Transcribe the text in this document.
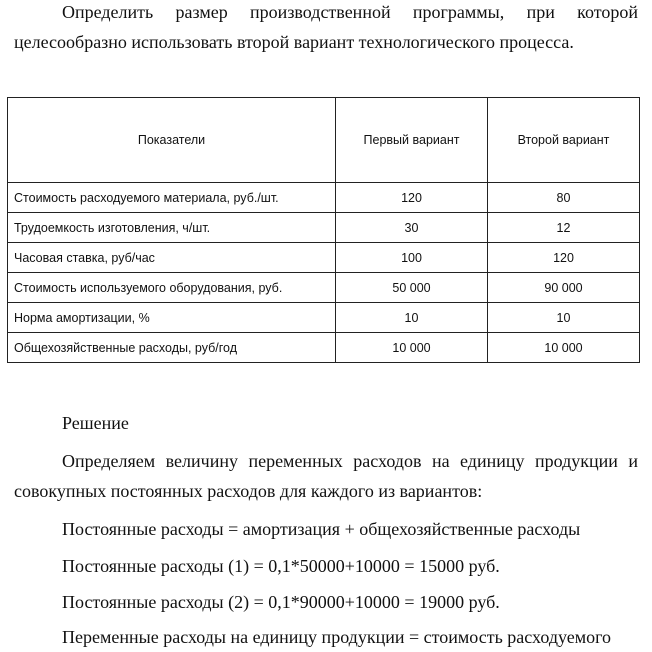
Определить размер производственной программы, при которой целесообразно использовать второй вариант технологического процесса.

Показатели	Первый вариант	Второй вариант
Стоимость расходуемого материала, руб./шт.	120	80
Трудоемкость изготовления, ч/шт.	30	12
Часовая ставка, руб/час	100	120
Стоимость используемого оборудования, руб.	50 000	90 000
Норма амортизации, %	10	10
Общехозяйственные расходы, руб/год	10 000	10 000

Решение

Определяем величину переменных расходов на единицу продукции и совокупных постоянных расходов для каждого из вариантов:

Постоянные расходы = амортизация + общехозяйственные расходы

Постоянные расходы (1) = 0,1*50000+10000 = 15000 руб.

Постоянные расходы (2) = 0,1*90000+10000 = 19000 руб.

Переменные расходы на единицу продукции = стоимость расходуемого
